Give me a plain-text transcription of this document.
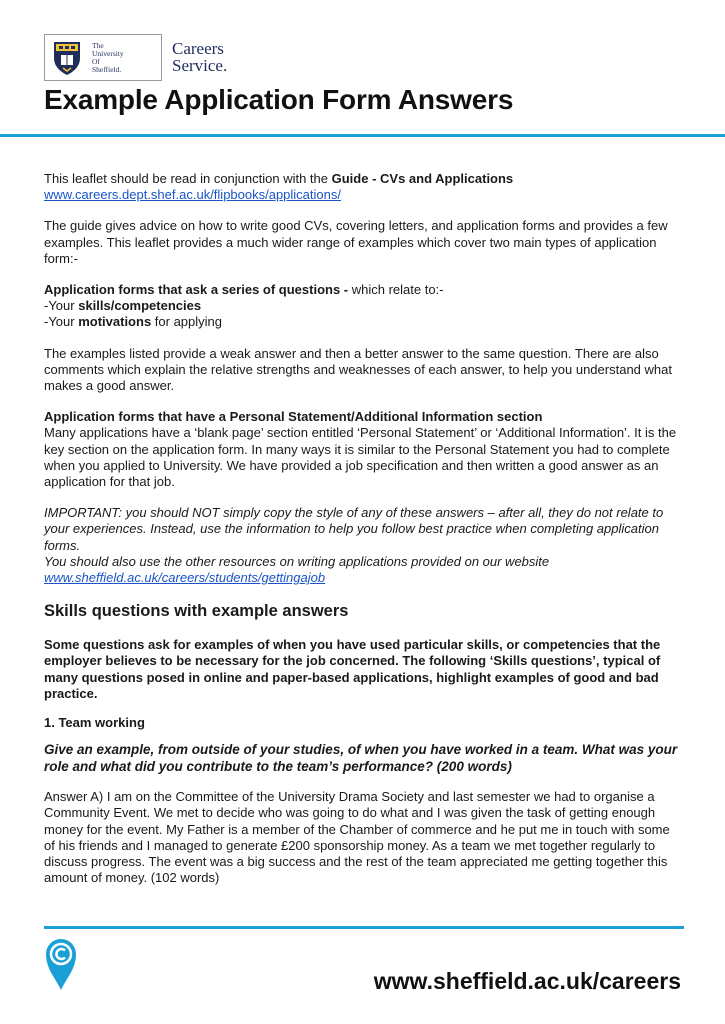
The
University
Of
Sheffield.
Careers
Service.
Example Application Form Answers

This leaflet should be read in conjunction with the Guide - CVs and Applications
www.careers.dept.shef.ac.uk/flipbooks/applications/

The guide gives advice on how to write good CVs, covering letters, and application forms and provides a few examples. This leaflet provides a much wider range of examples which cover two main types of application form:-

Application forms that ask a series of questions - which relate to:-
-Your skills/competencies
-Your motivations for applying

The examples listed provide a weak answer and then a better answer to the same question. There are also comments which explain the relative strengths and weaknesses of each answer, to help you understand what makes a good answer.

Application forms that have a Personal Statement/Additional Information section
Many applications have a ‘blank page’ section entitled ‘Personal Statement’ or ‘Additional Information’. It is the key section on the application form. In many ways it is similar to the Personal Statement you had to complete when you applied to University. We have provided a job specification and then written a good answer as an application for that job.

IMPORTANT: you should NOT simply copy the style of any of these answers – after all, they do not relate to your experiences. Instead, use the information to help you follow best practice when completing application forms.
You should also use the other resources on writing applications provided on our website
www.sheffield.ac.uk/careers/students/gettingajob

Skills questions with example answers

Some questions ask for examples of when you have used particular skills, or competencies that the employer believes to be necessary for the job concerned. The following ‘Skills questions’, typical of many questions posed in online and paper-based applications, highlight examples of good and bad practice.

1. Team working

Give an example, from outside of your studies, of when you have worked in a team. What was your role and what did you contribute to the team’s performance? (200 words)

Answer A) I am on the Committee of the University Drama Society and last semester we had to organise a Community Event. We met to decide who was going to do what and I was given the task of getting enough money for the event. My Father is a member of the Chamber of commerce and he put me in touch with some of his friends and I managed to generate £200 sponsorship money. As a team we met together regularly to discuss progress. The event was a big success and the rest of the team appreciated me getting together this amount of money. (102 words)

www.sheffield.ac.uk/careers
